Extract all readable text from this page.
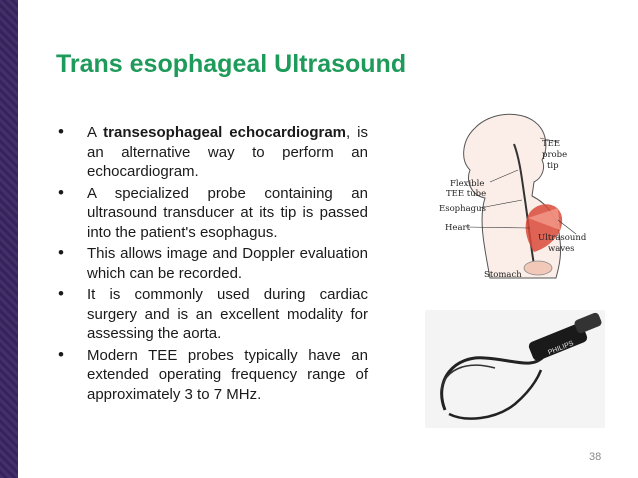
Trans esophageal Ultrasound
• A transesophageal echocardiogram, is an alternative way to perform an echocardiogram.
• A specialized probe containing an ultrasound transducer at its tip is passed into the patient's esophagus.
• This allows image and Doppler evaluation which can be recorded.
• It is commonly used during cardiac surgery and is an excellent modality for assessing the aorta.
• Modern TEE probes typically have an extended operating frequency range of approximately 3 to 7 MHz.
TEE
probe
tip
Flexible
TEE tube
Esophagus
Heart
Ultrasound
waves
Stomach
PHILIPS
38
